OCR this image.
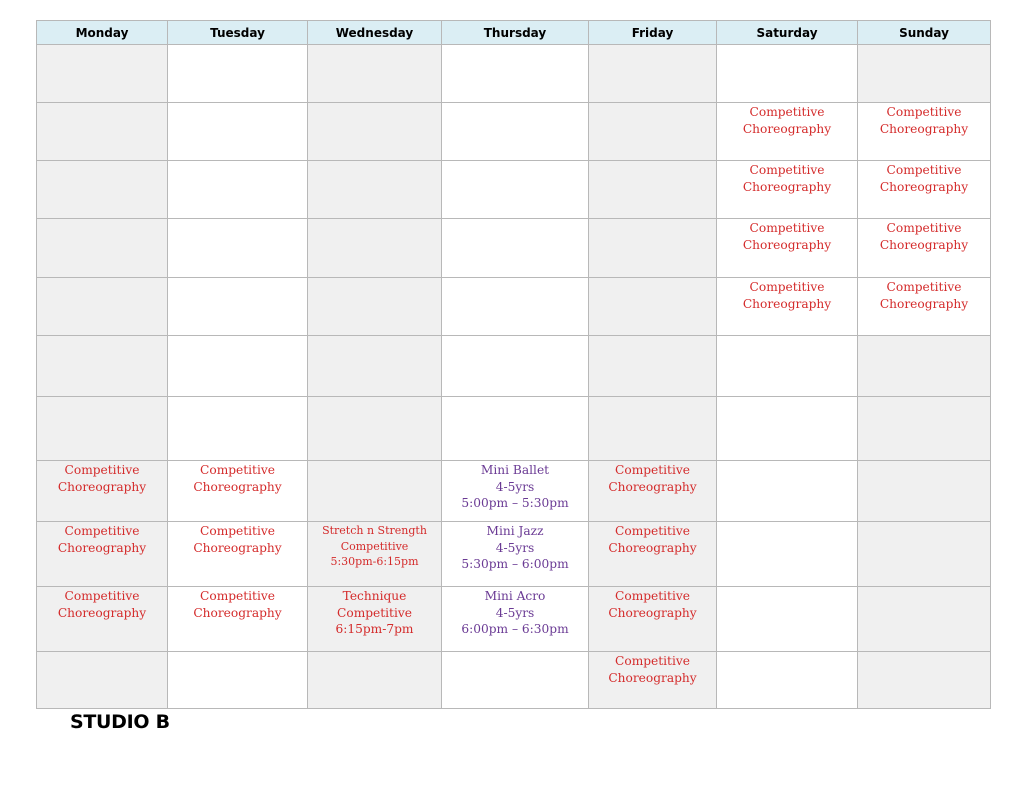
Monday	Tuesday	Wednesday	Thursday	Friday	Saturday	Sunday

					Competitive
Choreography	Competitive
Choreography

					Competitive
Choreography	Competitive
Choreography

					Competitive
Choreography	Competitive
Choreography

					Competitive
Choreography	Competitive
Choreography

Competitive
Choreography	Competitive
Choreography		Mini Ballet
4-5yrs
5:00pm – 5:30pm	Competitive
Choreography		

Competitive
Choreography	Competitive
Choreography	Stretch n Strength
Competitive
5:30pm-6:15pm	Mini Jazz
4-5yrs
5:30pm – 6:00pm	Competitive
Choreography		

Competitive
Choreography	Competitive
Choreography	Technique
Competitive
6:15pm-7pm	Mini Acro
4-5yrs
6:00pm – 6:30pm	Competitive
Choreography		

				Competitive
Choreography		

STUDIO B
